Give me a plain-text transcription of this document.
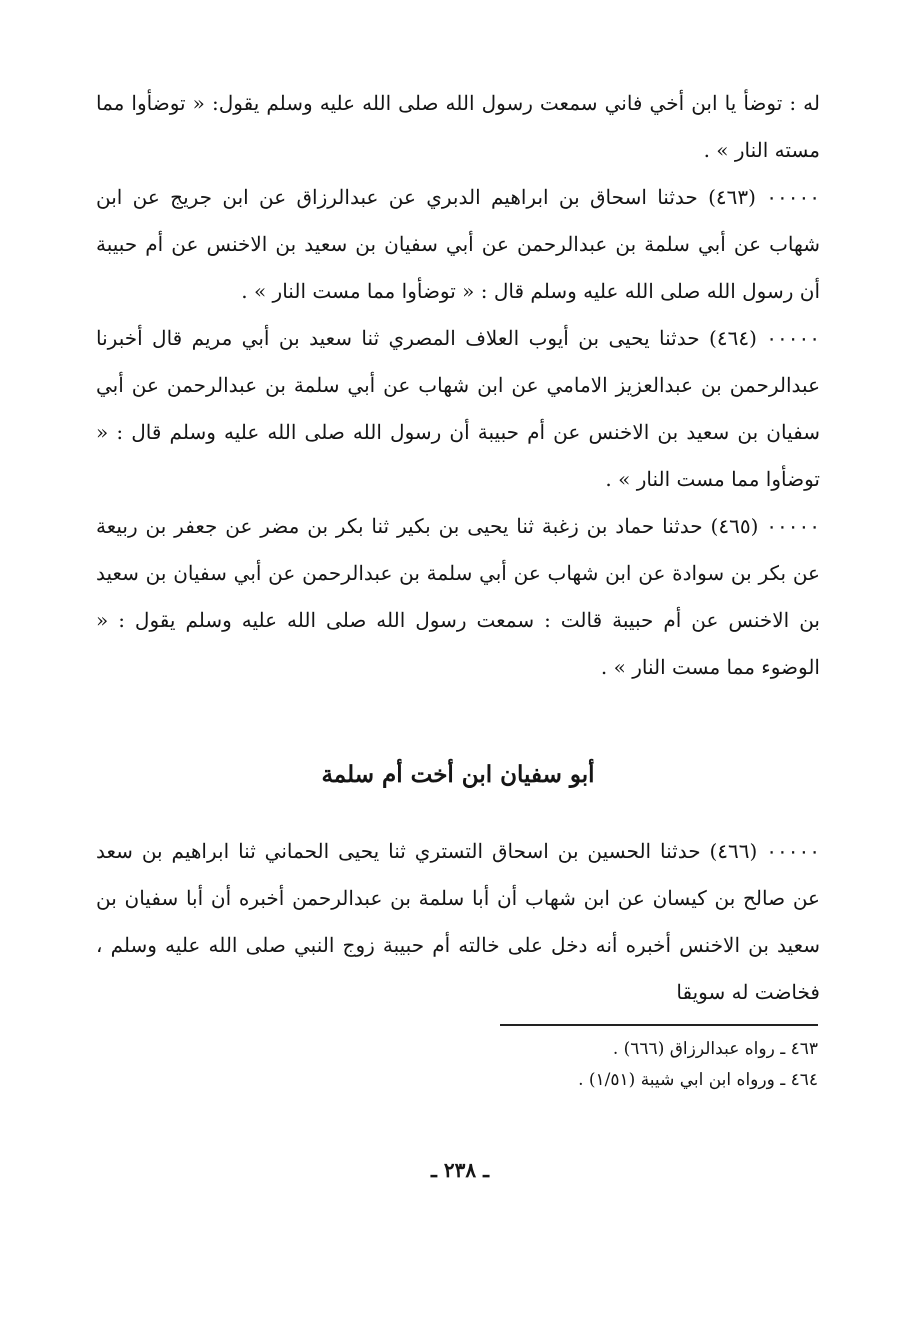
له : توضأ يا ابن أخي فاني سمعت رسول الله صلى الله عليه وسلم يقول: « توضأوا مما مسته النار » .

٠٠٠٠٠ (٤٦٣) حدثنا اسحاق بن ابراهيم الدبري عن عبدالرزاق عن ابن جريج عن ابن شهاب عن أبي سلمة بن عبدالرحمن عن أبي سفيان بن سعيد بن الاخنس عن أم حبيبة أن رسول الله صلى الله عليه وسلم قال : « توضأوا مما مست النار » .

٠٠٠٠٠ (٤٦٤) حدثنا يحيى بن أيوب العلاف المصري ثنا سعيد بن أبي مريم قال أخبرنا عبدالرحمن بن عبدالعزيز الامامي عن ابن شهاب عن أبي سلمة بن عبدالرحمن عن أبي سفيان بن سعيد بن الاخنس عن أم حبيبة أن رسول الله صلى الله عليه وسلم قال : « توضأوا مما مست النار » .

٠٠٠٠٠ (٤٦٥) حدثنا حماد بن زغبة ثنا يحيى بن بكير ثنا بكر بن مضر عن جعفر بن ربيعة عن بكر بن سوادة عن ابن شهاب عن أبي سلمة بن عبدالرحمن عن أبي سفيان بن سعيد بن الاخنس عن أم حبيبة قالت : سمعت رسول الله صلى الله عليه وسلم يقول : « الوضوء مما مست النار » .

أبو سفيان ابن أخت أم سلمة

٠٠٠٠٠ (٤٦٦) حدثنا الحسين بن اسحاق التستري ثنا يحيى الحماني ثنا ابراهيم بن سعد عن صالح بن كيسان عن ابن شهاب أن أبا سلمة بن عبدالرحمن أخبره أن أبا سفيان بن سعيد بن الاخنس أخبره أنه دخل على خالته أم حبيبة زوج النبي صلى الله عليه وسلم ، فخاضت له سويقا

٤٦٣ ـ رواه عبدالرزاق (٦٦٦) .

٤٦٤ ـ ورواه ابن ابي شيبة (١/٥١) .

ـ ٢٣٨ ـ
